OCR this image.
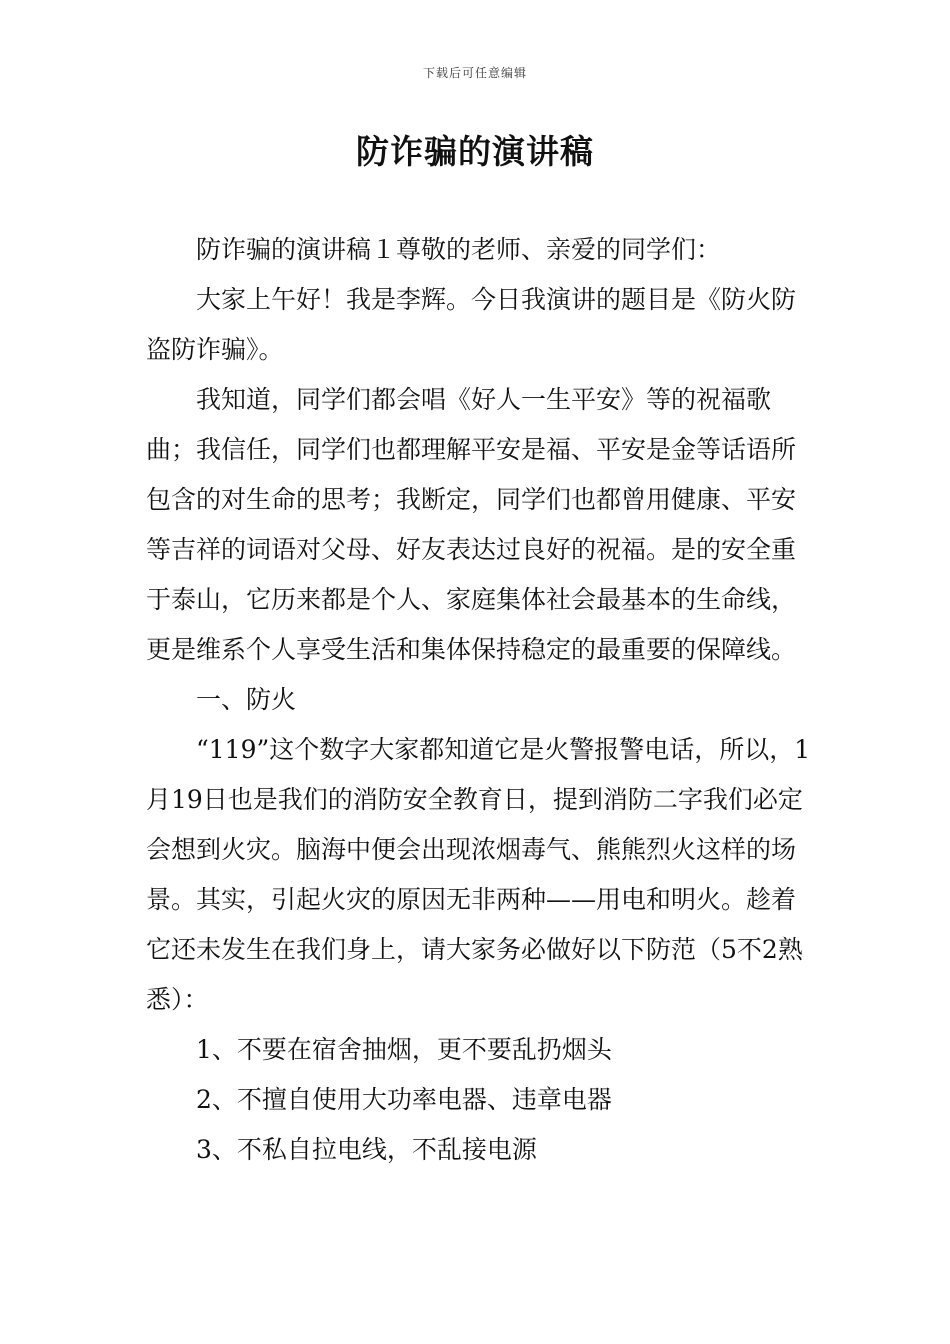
下载后可任意编辑
防诈骗的演讲稿

防诈骗的演讲稿１尊敬的老师、亲爱的同学们：

大家上午好！我是李辉。今日我演讲的题目是《防火防盗防诈骗》。

我知道，同学们都会唱《好人一生平安》等的祝福歌曲；我信任，同学们也都理解平安是福、平安是金等话语所包含的对生命的思考；我断定，同学们也都曾用健康、平安等吉祥的词语对父母、好友表达过良好的祝福。是的安全重于泰山，它历来都是个人、家庭集体社会最基本的生命线，更是维系个人享受生活和集体保持稳定的最重要的保障线。

一、防火

“119”这个数字大家都知道它是火警报警电话，所以，1月19日也是我们的消防安全教育日，提到消防二字我们必定会想到火灾。脑海中便会出现浓烟毒气、熊熊烈火这样的场景。其实，引起火灾的原因无非两种——用电和明火。趁着它还未发生在我们身上，请大家务必做好以下防范（5不2熟悉）：

1、不要在宿舍抽烟，更不要乱扔烟头

2、不擅自使用大功率电器、违章电器

3、不私自拉电线，不乱接电源
